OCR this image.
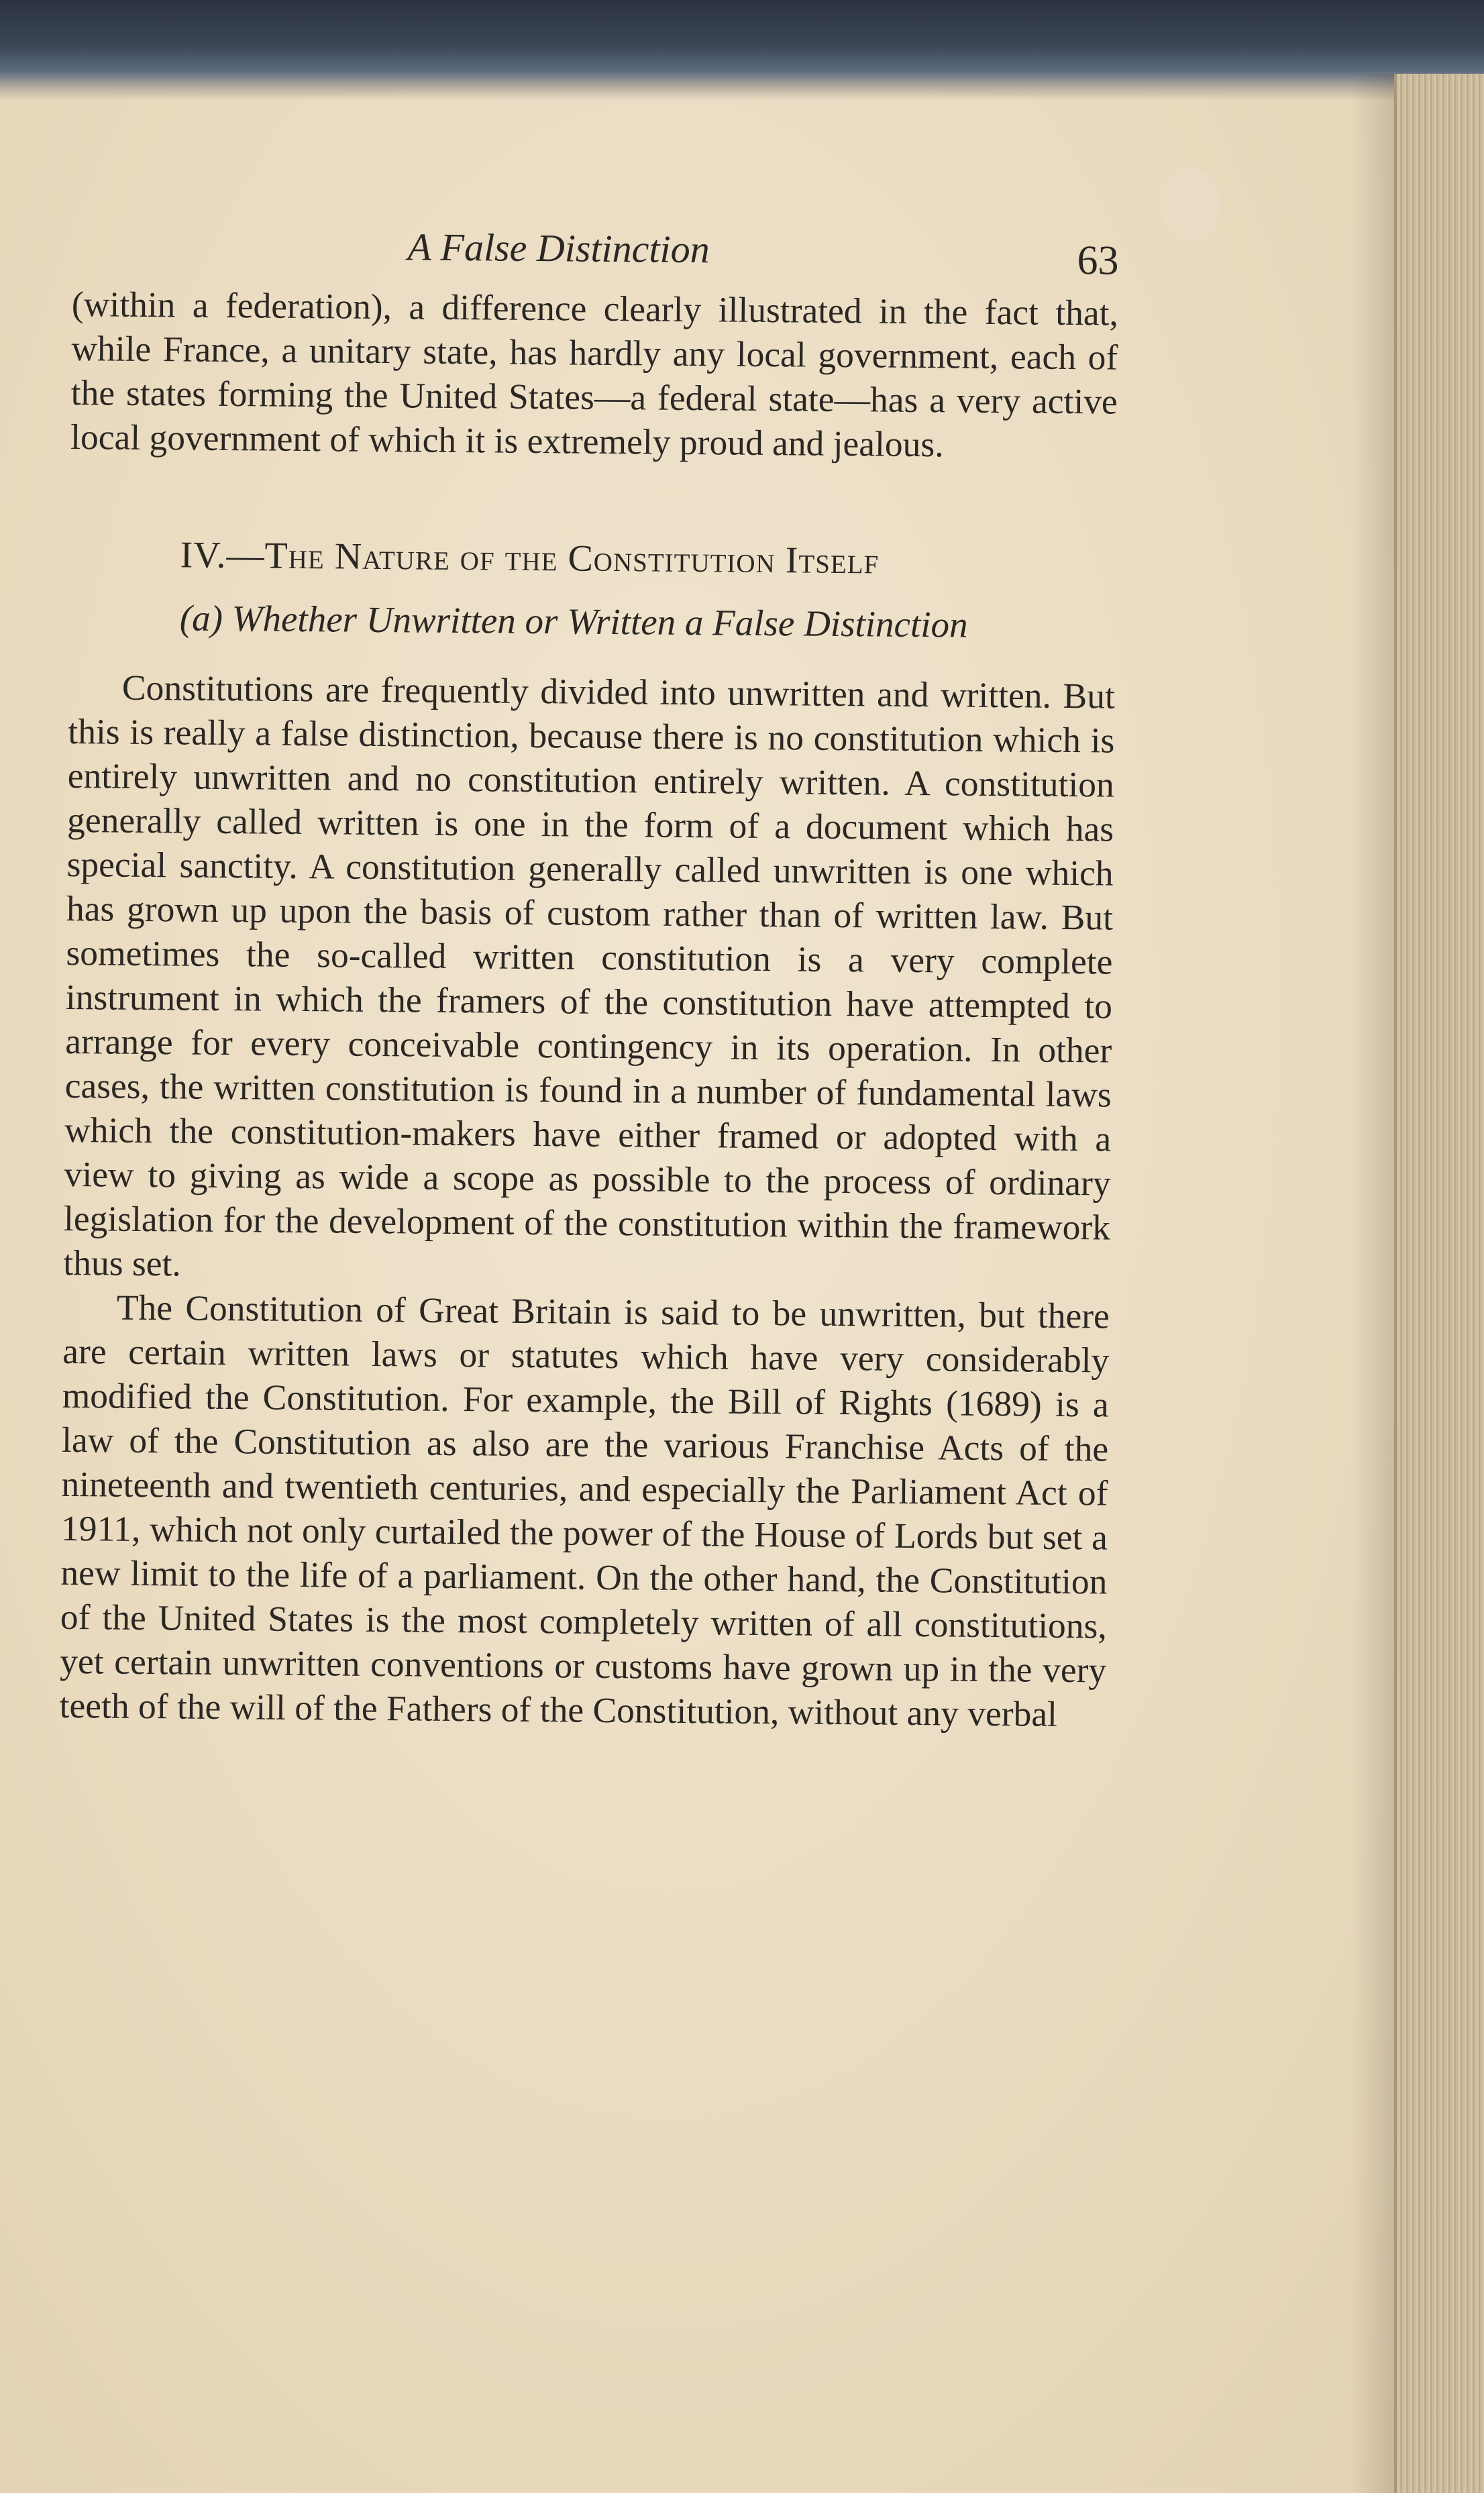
A False Distinction	63

(within a federation), a difference clearly illustrated in the fact that, while France, a unitary state, has hardly any local government, each of the states forming the United States—a federal state—has a very active local government of which it is extremely proud and jealous.

IV.—The Nature of the Constitution Itself
(a) Whether Unwritten or Written a False Distinction

Constitutions are frequently divided into unwritten and written. But this is really a false distinction, because there is no constitution which is entirely unwritten and no constitution entirely written. A constitution generally called written is one in the form of a document which has special sanctity. A constitution generally called unwritten is one which has grown up upon the basis of custom rather than of written law. But sometimes the so-called written constitution is a very complete instrument in which the framers of the constitution have attempted to arrange for every conceivable contingency in its operation. In other cases, the written constitution is found in a number of fundamental laws which the constitution-makers have either framed or adopted with a view to giving as wide a scope as possible to the process of ordinary legislation for the development of the constitution within the framework thus set.

The Constitution of Great Britain is said to be unwritten, but there are certain written laws or statutes which have very considerably modified the Constitution. For example, the Bill of Rights (1689) is a law of the Constitution as also are the various Franchise Acts of the nineteenth and twentieth centuries, and especially the Parliament Act of 1911, which not only curtailed the power of the House of Lords but set a new limit to the life of a parliament. On the other hand, the Constitution of the United States is the most completely written of all constitutions, yet certain unwritten conventions or customs have grown up in the very teeth of the will of the Fathers of the Constitution, without any verbal
